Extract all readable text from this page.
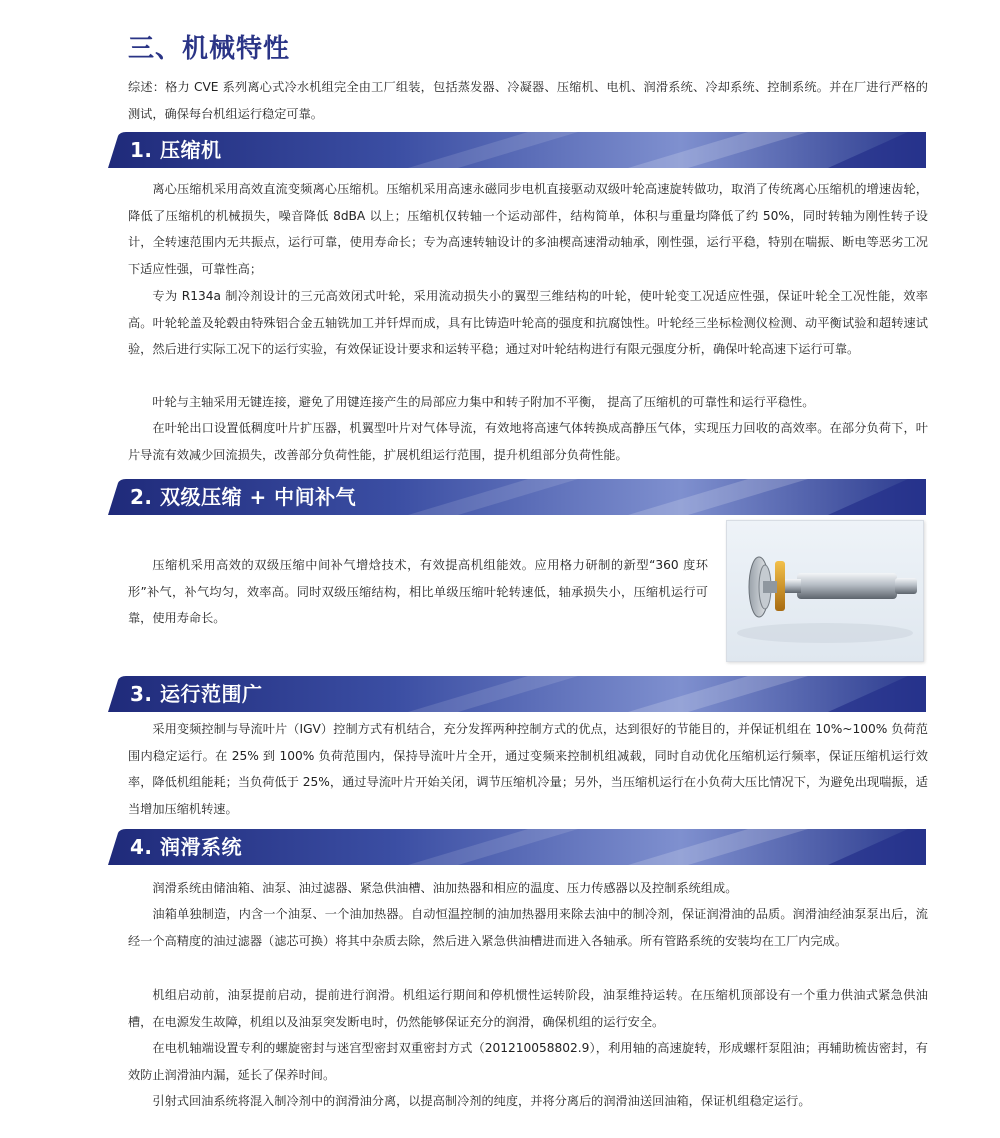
三、机械特性

综述：格力 CVE 系列离心式冷水机组完全由工厂组装，包括蒸发器、冷凝器、压缩机、电机、润滑系统、冷却系统、控制系统。并在厂进行严格的测试，确保每台机组运行稳定可靠。

1. 压缩机

离心压缩机采用高效直流变频离心压缩机。压缩机采用高速永磁同步电机直接驱动双级叶轮高速旋转做功，取消了传统离心压缩机的增速齿轮，降低了压缩机的机械损失，噪音降低 8dBA 以上；压缩机仅转轴一个运动部件，结构简单，体积与重量均降低了约 50%，同时转轴为刚性转子设计，全转速范围内无共振点，运行可靠，使用寿命长；专为高速转轴设计的多油楔高速滑动轴承，刚性强，运行平稳，特别在喘振、断电等恶劣工况下适应性强，可靠性高；

专为 R134a 制冷剂设计的三元高效闭式叶轮，采用流动损失小的翼型三维结构的叶轮，使叶轮变工况适应性强，保证叶轮全工况性能，效率高。叶轮轮盖及轮毂由特殊铝合金五轴铣加工并钎焊而成，具有比铸造叶轮高的强度和抗腐蚀性。叶轮经三坐标检测仪检测、动平衡试验和超转速试验，然后进行实际工况下的运行实验，有效保证设计要求和运转平稳；通过对叶轮结构进行有限元强度分析，确保叶轮高速下运行可靠。

叶轮与主轴采用无键连接，避免了用键连接产生的局部应力集中和转子附加不平衡， 提高了压缩机的可靠性和运行平稳性。

在叶轮出口设置低稠度叶片扩压器，机翼型叶片对气体导流，有效地将高速气体转换成高静压气体，实现压力回收的高效率。在部分负荷下，叶片导流有效减少回流损失，改善部分负荷性能，扩展机组运行范围，提升机组部分负荷性能。

2. 双级压缩 + 中间补气

压缩机采用高效的双级压缩中间补气增焓技术，有效提高机组能效。应用格力研制的新型“360 度环形”补气，补气均匀，效率高。同时双级压缩结构，相比单级压缩叶轮转速低，轴承损失小，压缩机运行可靠，使用寿命长。

3. 运行范围广

采用变频控制与导流叶片（IGV）控制方式有机结合，充分发挥两种控制方式的优点，达到很好的节能目的，并保证机组在 10%~100% 负荷范围内稳定运行。在 25% 到 100% 负荷范围内，保持导流叶片全开，通过变频来控制机组减载，同时自动优化压缩机运行频率，保证压缩机运行效率，降低机组能耗；当负荷低于 25%，通过导流叶片开始关闭，调节压缩机冷量；另外，当压缩机运行在小负荷大压比情况下，为避免出现喘振，适当增加压缩机转速。

4. 润滑系统

润滑系统由储油箱、油泵、油过滤器、紧急供油槽、油加热器和相应的温度、压力传感器以及控制系统组成。

油箱单独制造，内含一个油泵、一个油加热器。自动恒温控制的油加热器用来除去油中的制冷剂，保证润滑油的品质。润滑油经油泵泵出后，流经一个高精度的油过滤器（滤芯可换）将其中杂质去除，然后进入紧急供油槽进而进入各轴承。所有管路系统的安装均在工厂内完成。

机组启动前，油泵提前启动，提前进行润滑。机组运行期间和停机惯性运转阶段，油泵维持运转。在压缩机顶部设有一个重力供油式紧急供油槽，在电源发生故障，机组以及油泵突发断电时，仍然能够保证充分的润滑，确保机组的运行安全。

在电机轴端设置专利的螺旋密封与迷宫型密封双重密封方式（201210058802.9），利用轴的高速旋转，形成螺杆泵阻油；再辅助梳齿密封，有效防止润滑油内漏，延长了保养时间。

引射式回油系统将混入制冷剂中的润滑油分离，以提高制冷剂的纯度，并将分离后的润滑油送回油箱，保证机组稳定运行。
